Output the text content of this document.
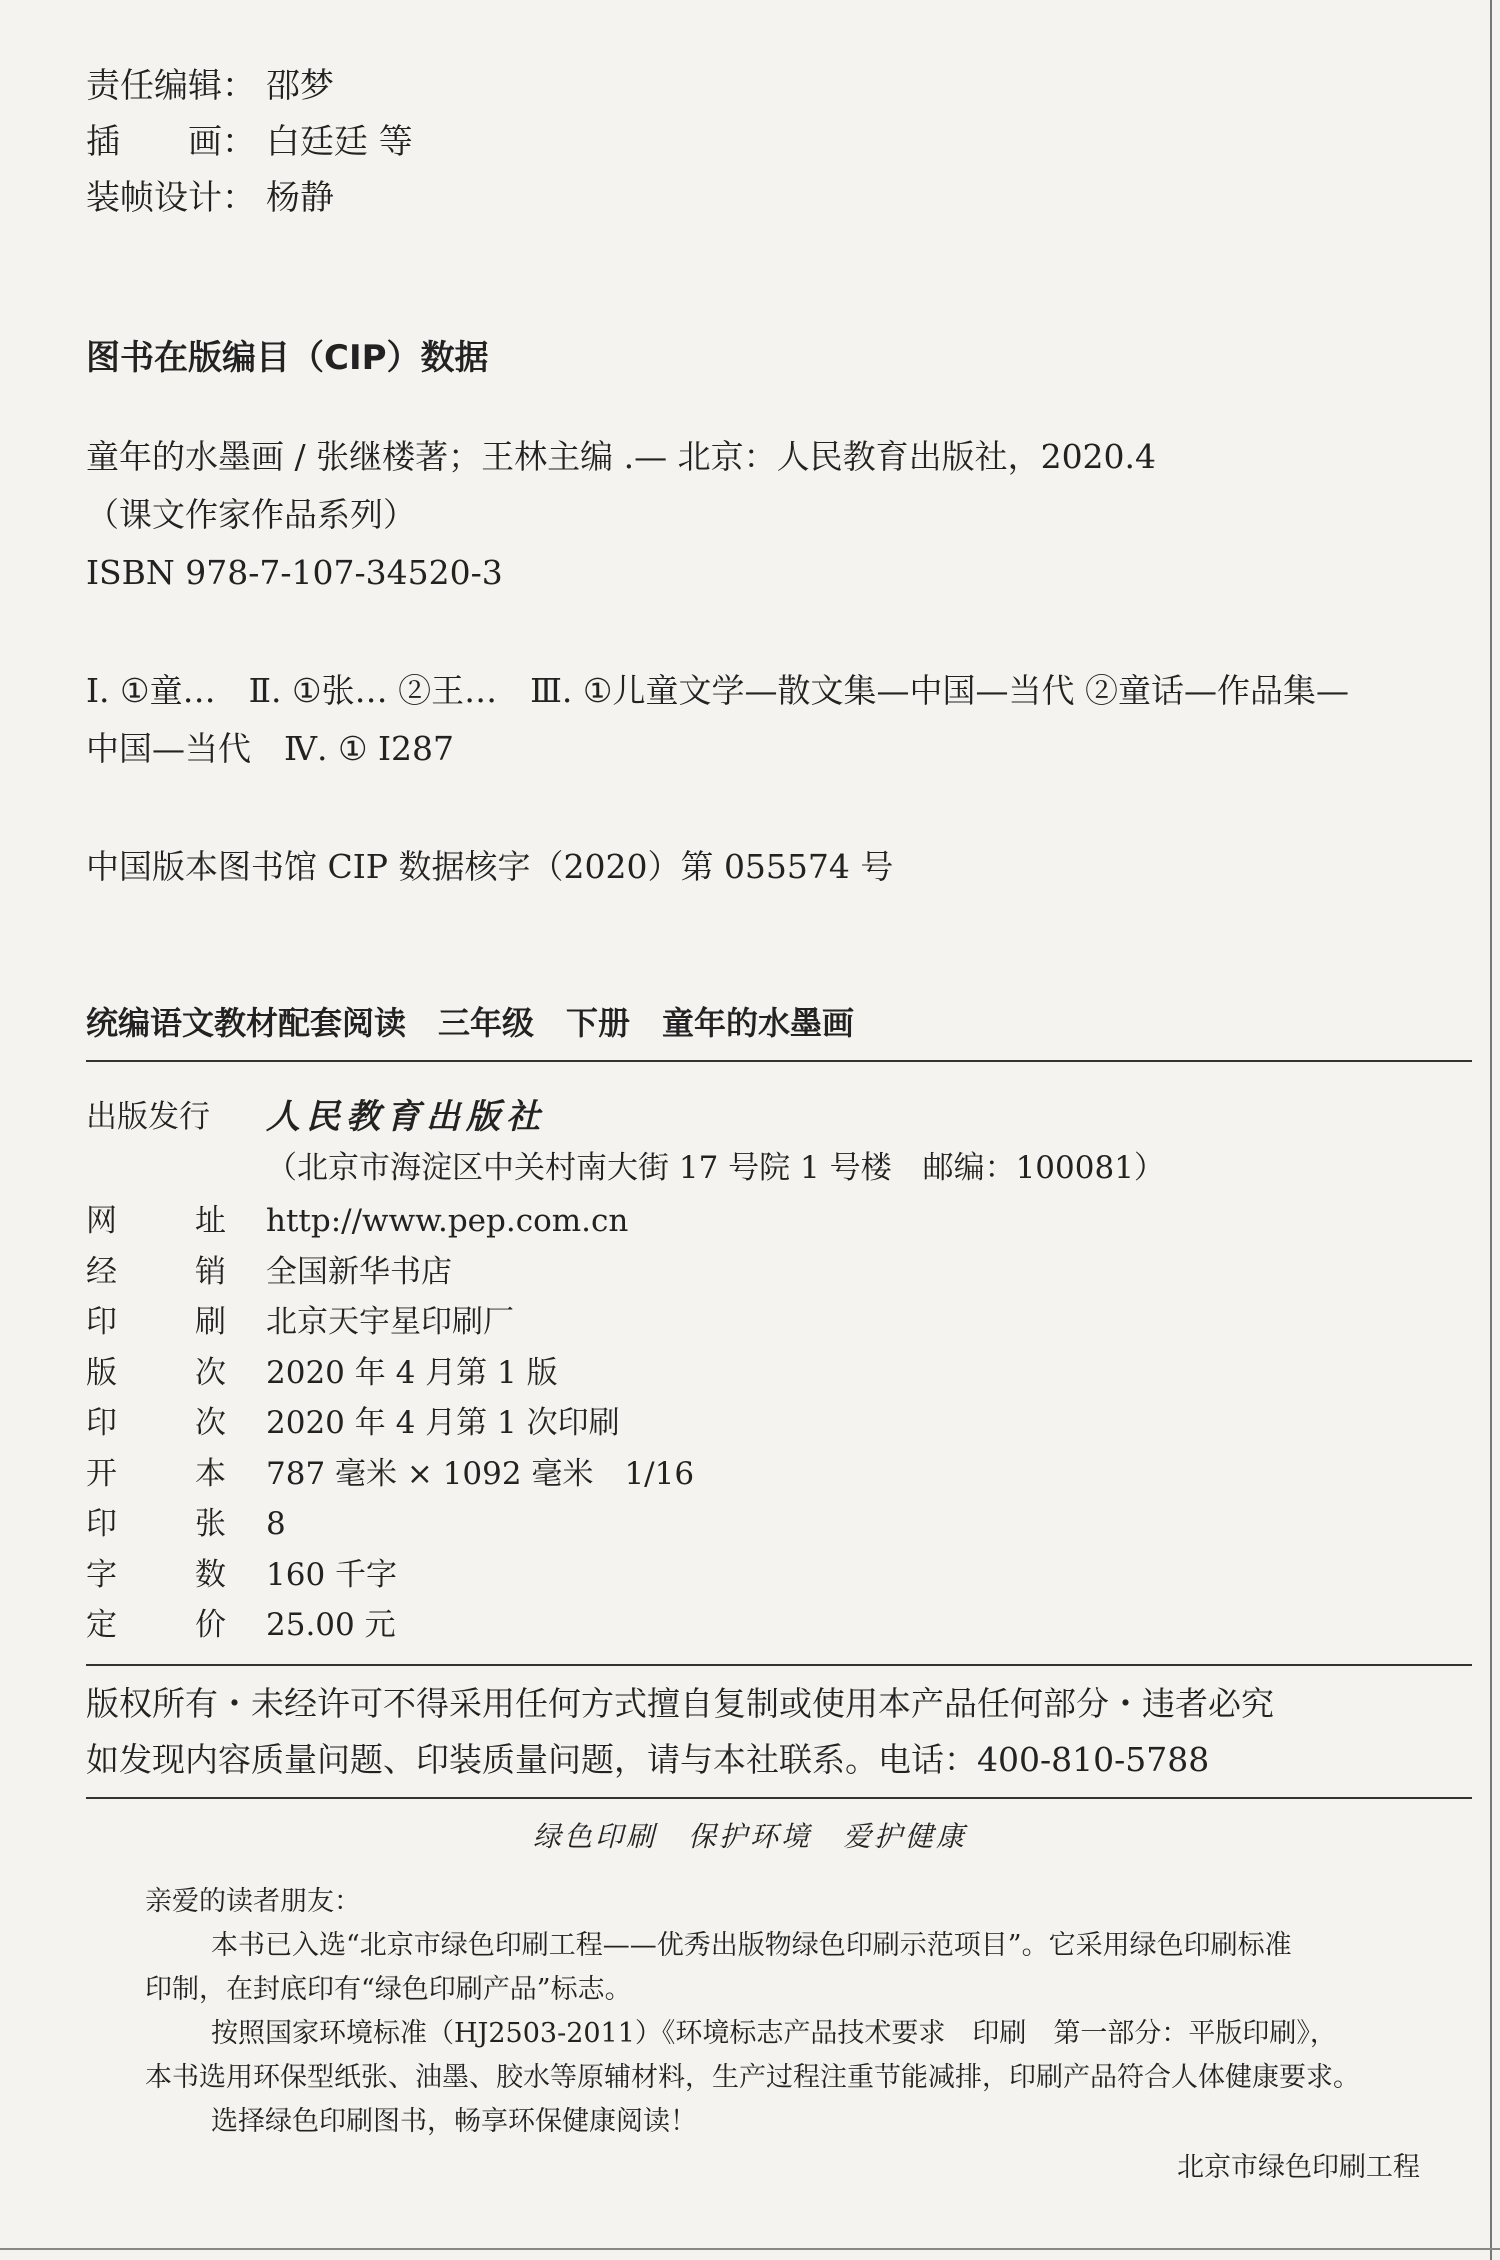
责任编辑： 邵梦
插　　画： 白廷廷 等
装帧设计： 杨静
图书在版编目（CIP）数据
童年的水墨画 / 张继楼著；王林主编 .— 北京：人民教育出版社，2020.4
（课文作家作品系列）
ISBN 978-7-107-34520-3
Ⅰ. ①童…　Ⅱ. ①张… ②王…　Ⅲ. ①儿童文学—散文集—中国—当代 ②童话—作品集—
中国—当代　Ⅳ. ① I287
中国版本图书馆 CIP 数据核字（2020）第 055574 号
统编语文教材配套阅读　三年级　下册　童年的水墨画
出版发行	人民教育出版社
（北京市海淀区中关村南大街 17 号院 1 号楼　邮编：100081）
网	址 http://www.pep.com.cn
经	销 全国新华书店
印	刷 北京天宇星印刷厂
版	次 2020 年 4 月第 1 版
印	次 2020 年 4 月第 1 次印刷
开	本 787 毫米 × 1092 毫米　1/16
印	张 8
字	数 160 千字
定	价 25.00 元
版权所有・未经许可不得采用任何方式擅自复制或使用本产品任何部分・违者必究
如发现内容质量问题、印装质量问题，请与本社联系。电话：400-810-5788
绿色印刷　保护环境　爱护健康
亲爱的读者朋友：
本书已入选“北京市绿色印刷工程——优秀出版物绿色印刷示范项目”。它采用绿色印刷标准
印制，在封底印有“绿色印刷产品”标志。
按照国家环境标准（HJ2503-2011）《环境标志产品技术要求　印刷　第一部分：平版印刷》，
本书选用环保型纸张、油墨、胶水等原辅材料，生产过程注重节能减排，印刷产品符合人体健康要求。
选择绿色印刷图书，畅享环保健康阅读！
北京市绿色印刷工程
